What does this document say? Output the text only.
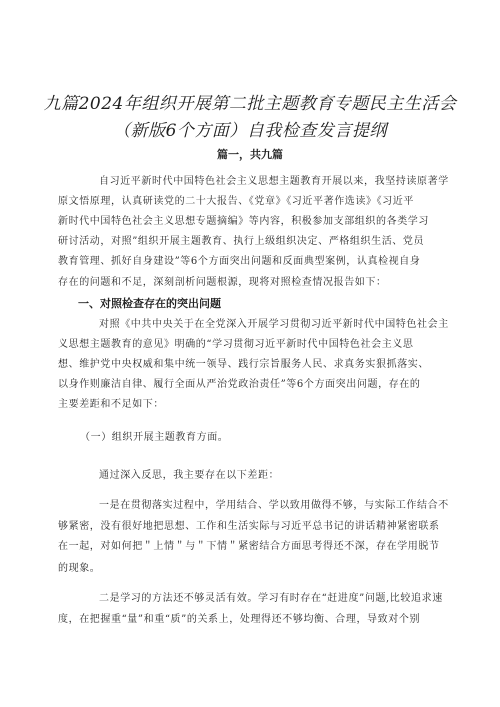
九篇2024年组织开展第二批主题教育专题民主生活会
（新版6个方面）自我检查发言提纲
篇一，共九篇
自习近平新时代中国特色社会主义思想主题教育开展以来，我坚持读原著学
原文悟原理，认真研读党的二十大报告、《党章》《习近平著作选读》《习近平
新时代中国特色社会主义思想专题摘编》等内容，积极参加支部组织的各类学习
研讨活动，对照”组织开展主题教育、执行上级组织决定、严格组织生活、党员
教育管理、抓好自身建设”等6个方面突出问题和反面典型案例，认真检视自身
存在的问题和不足，深刻剖析问题根源，现将对照检查情况报告如下：
一、对照检查存在的突出问题
对照《中共中央关于在全党深入开展学习贯彻习近平新时代中国特色社会主
义思想主题教育的意见》明确的“学习贯彻习近平新时代中国特色社会主义思
想、维护党中央权威和集中统一领导、践行宗旨服务人民、求真务实狠抓落实、
以身作则廉洁自律、履行全面从严治党政治责任”等6个方面突出问题，存在的
主要差距和不足如下：
（一）组织开展主题教育方面。
通过深入反思，我主要存在以下差距：
一是在贯彻落实过程中，学用结合、学以致用做得不够，与实际工作结合不
够紧密，没有很好地把思想、工作和生活实际与习近平总书记的讲话精神紧密联系
在一起，对如何把＂上情＂与＂下情＂紧密结合方面思考得还不深，存在学用脱节
的现象。
二是学习的方法还不够灵活有效。学习有时存在“赶进度”问题,比较追求速
度，在把握重“量”和重“质”的关系上，处理得还不够均衡、合理，导致对个别
